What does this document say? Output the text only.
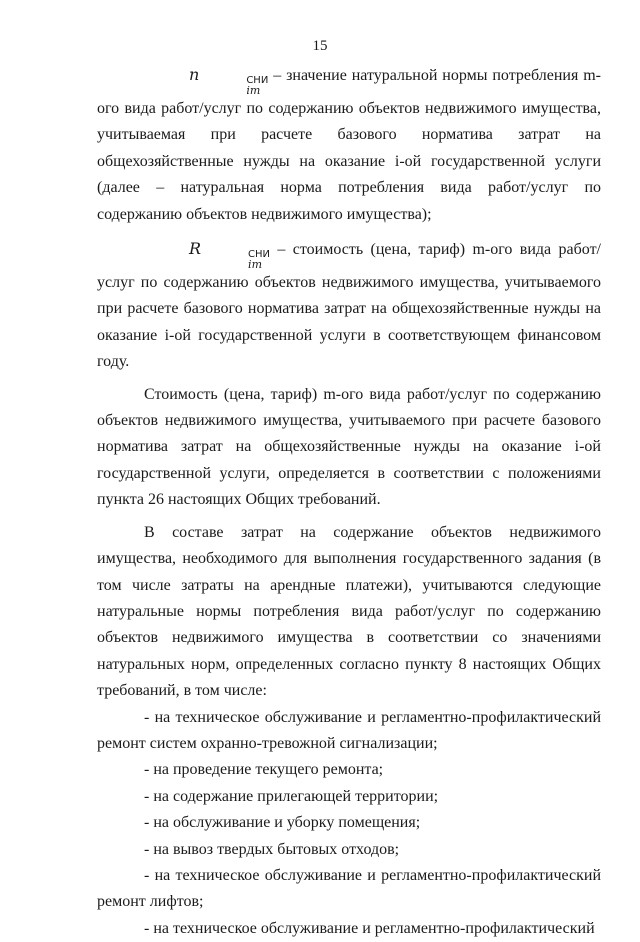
15

n	СНИ
im
– значение натуральной нормы потребления m-ого вида работ/услуг по содержанию объектов недвижимого имущества, учитываемая при расчете базового норматива затрат на общехозяйственные нужды на оказание i-ой государственной услуги (далее – натуральная норма потребления вида работ/услуг по содержанию объектов недвижимого имущества);

R	СНИ
im
– стоимость (цена, тариф) m-ого вида работ/услуг по содержанию объектов недвижимого имущества, учитываемого при расчете базового норматива затрат на общехозяйственные нужды на оказание i-ой государственной услуги в соответствующем финансовом году.

Стоимость (цена, тариф) m-ого вида работ/услуг по содержанию объектов недвижимого имущества, учитываемого при расчете базового норматива затрат на общехозяйственные нужды на оказание i-ой государственной услуги, определяется в соответствии с положениями пункта 26 настоящих Общих требований.

В составе затрат на содержание объектов недвижимого имущества, необходимого для выполнения государственного задания (в том числе затраты на арендные платежи), учитываются следующие натуральные нормы потребления вида работ/услуг по содержанию объектов недвижимого имущества в соответствии со значениями натуральных норм, определенных согласно пункту 8 настоящих Общих требований, в том числе:

- на техническое обслуживание и регламентно-профилактический ремонт систем охранно-тревожной сигнализации;

- на проведение текущего ремонта;

- на содержание прилегающей территории;

- на обслуживание и уборку помещения;

- на вывоз твердых бытовых отходов;

- на техническое обслуживание и регламентно-профилактический ремонт лифтов;

- на техническое обслуживание и регламентно-профилактический
